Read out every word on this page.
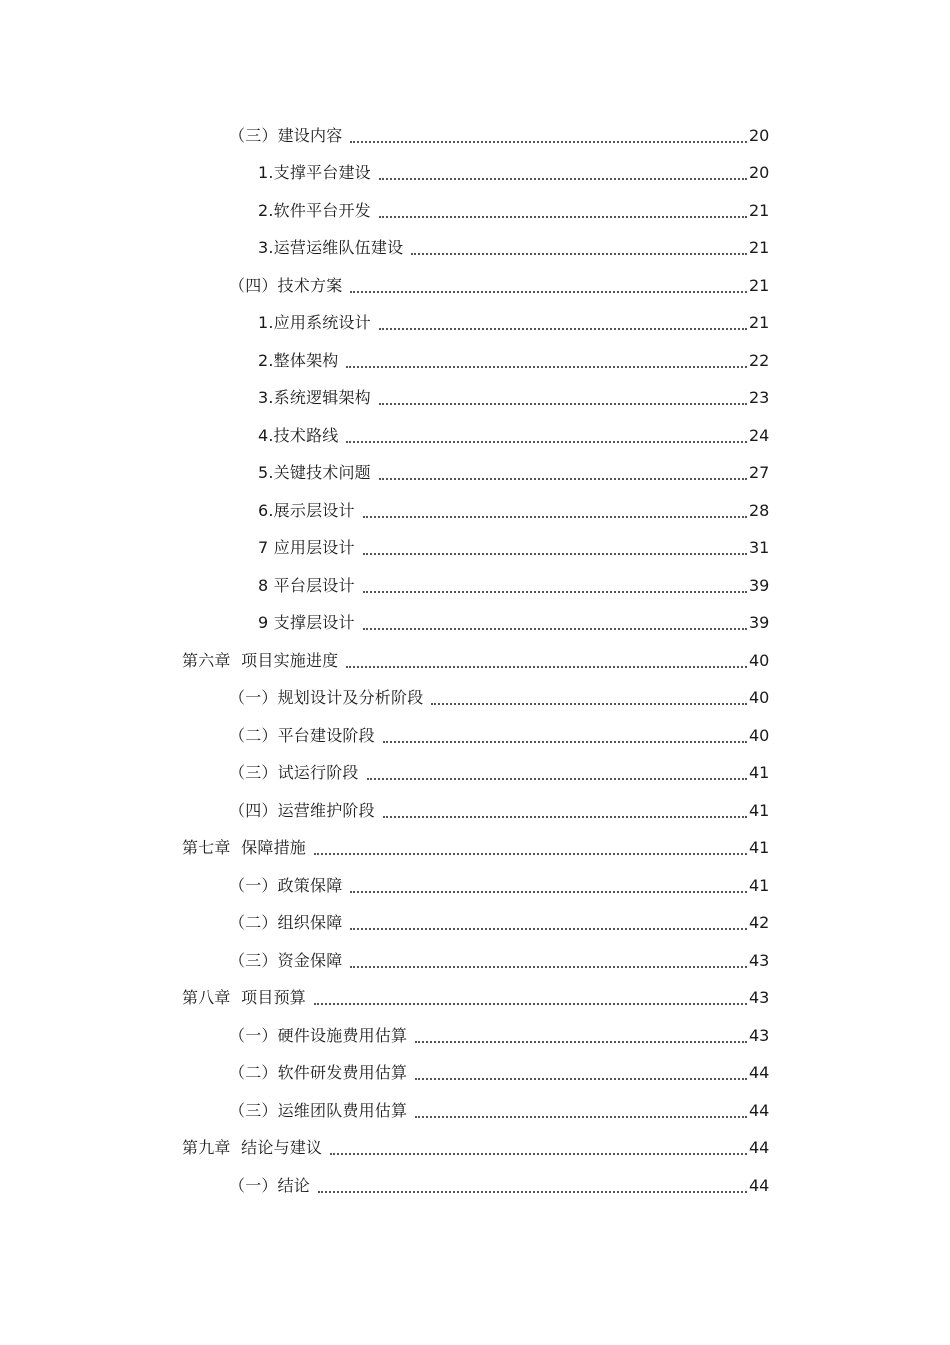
（三）建设内容	20
1.支撑平台建设	20
2.软件平台开发	21
3.运营运维队伍建设	21
（四）技术方案	21
1.应用系统设计	21
2.整体架构	22
3.系统逻辑架构	23
4.技术路线	24
5.关键技术问题	27
6.展示层设计	28
7 应用层设计	31
8 平台层设计	39
9 支撑层设计	39
第六章  项目实施进度	40
（一）规划设计及分析阶段	40
（二）平台建设阶段	40
（三）试运行阶段	41
（四）运营维护阶段	41
第七章  保障措施	41
（一）政策保障	41
（二）组织保障	42
（三）资金保障	43
第八章  项目预算	43
（一）硬件设施费用估算	43
（二）软件研发费用估算	44
（三）运维团队费用估算	44
第九章  结论与建议	44
（一）结论	44
